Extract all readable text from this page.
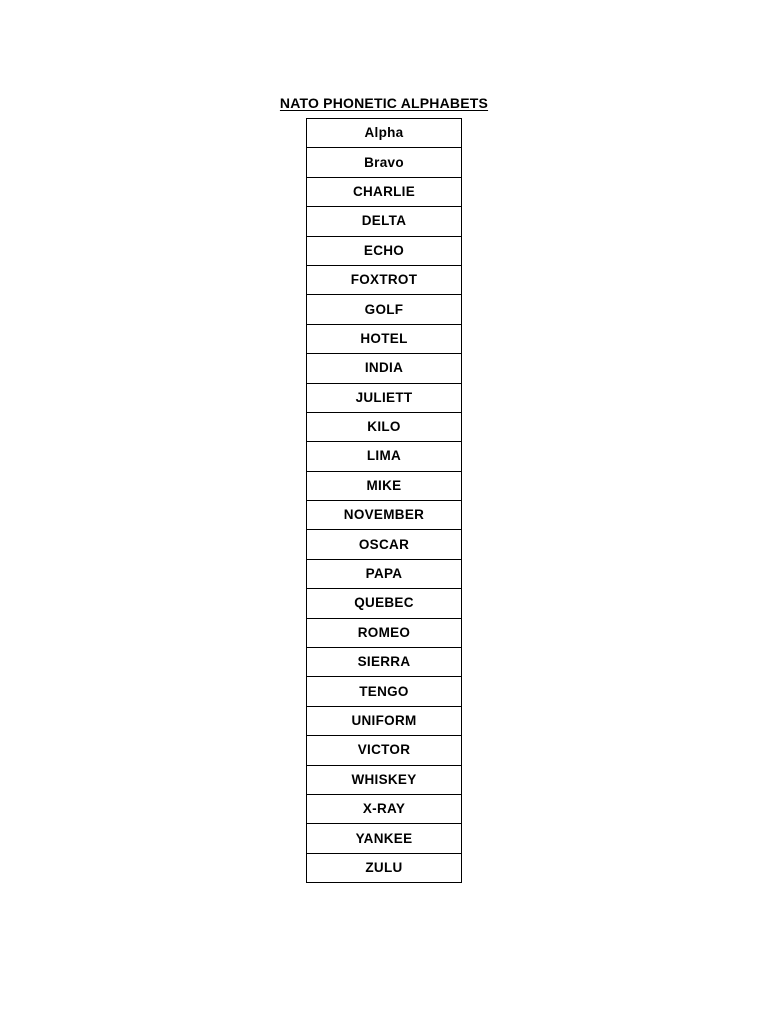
NATO PHONETIC ALPHABETS
Alpha
Bravo
CHARLIE
DELTA
ECHO
FOXTROT
GOLF
HOTEL
INDIA
JULIETT
KILO
LIMA
MIKE
NOVEMBER
OSCAR
PAPA
QUEBEC
ROMEO
SIERRA
TENGO
UNIFORM
VICTOR
WHISKEY
X-RAY
YANKEE
ZULU
